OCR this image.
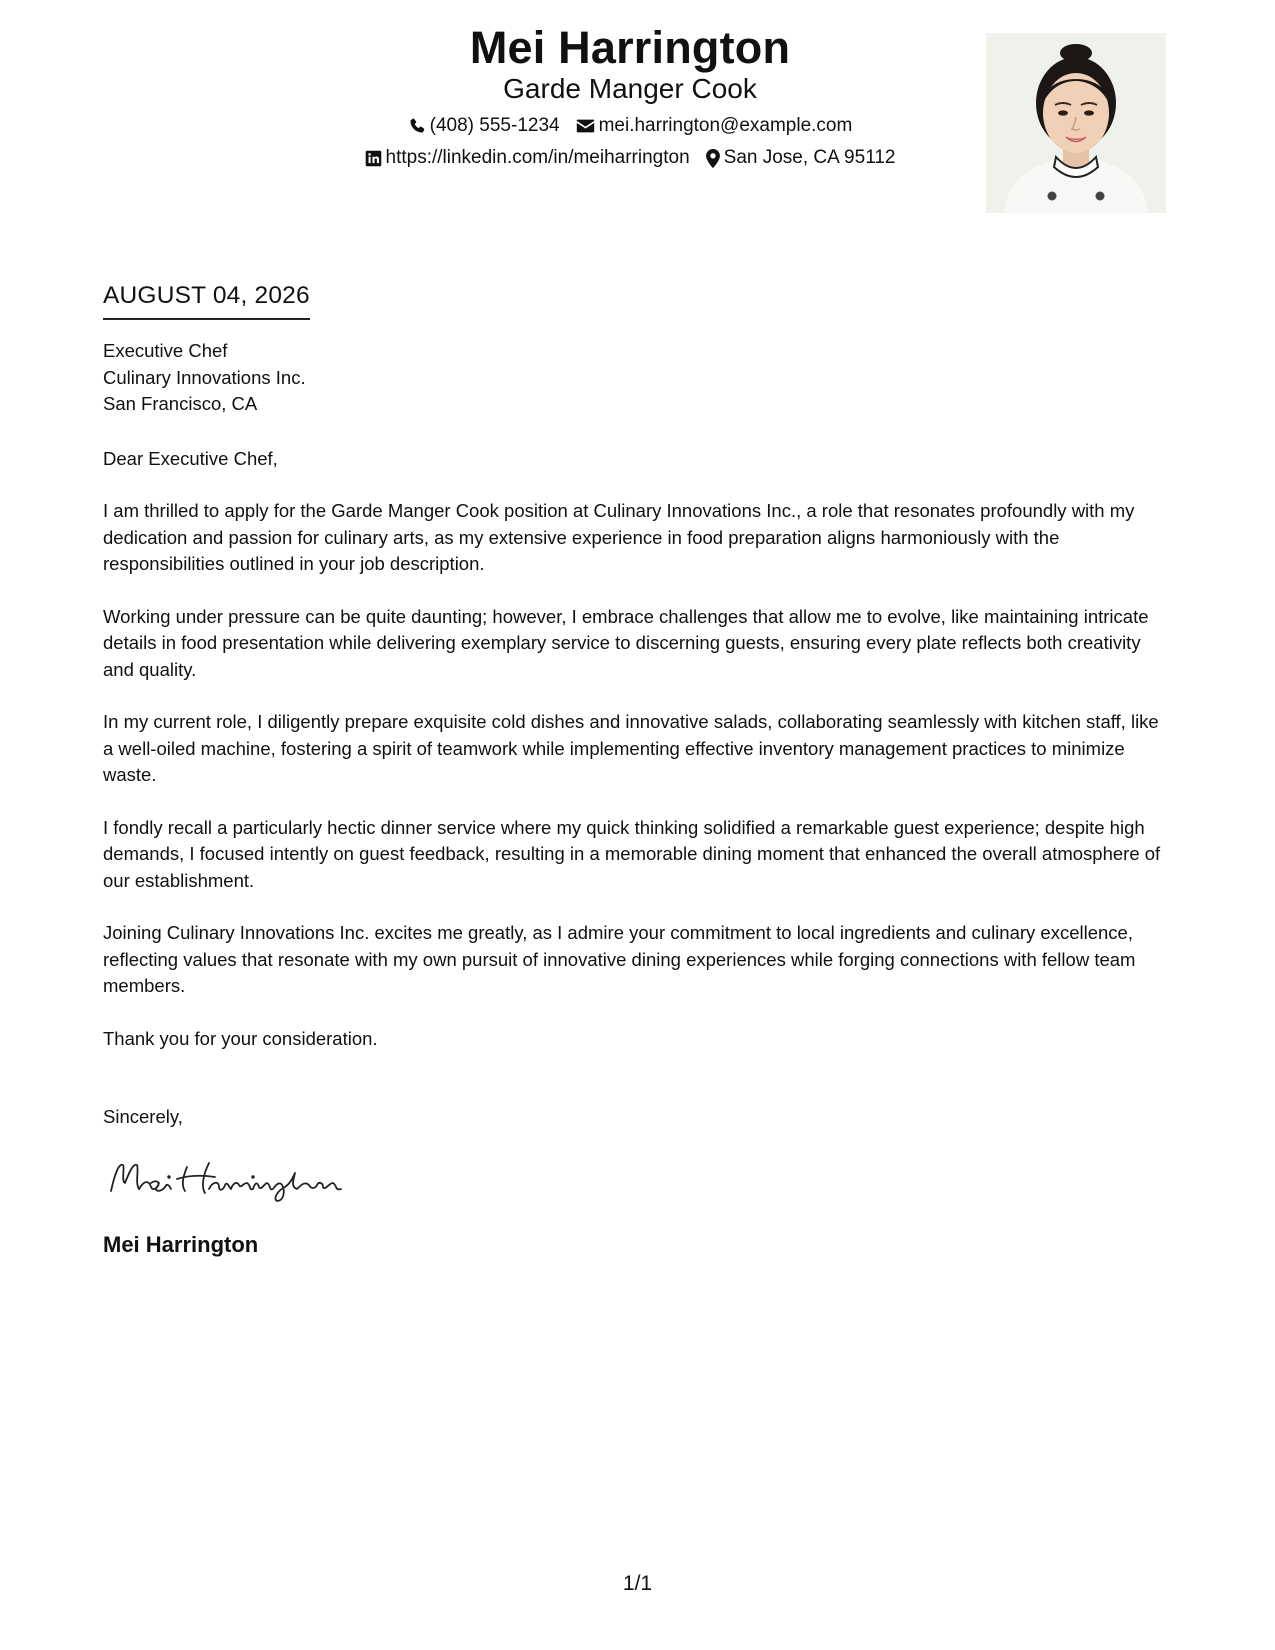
Mei Harrington
Garde Manger Cook
(408) 555-1234 mei.harrington@example.com
https://linkedin.com/in/meiharrington San Jose, CA 95112
AUGUST 04, 2026
Executive Chef
Culinary Innovations Inc.
San Francisco, CA
Dear Executive Chef,
I am thrilled to apply for the Garde Manger Cook position at Culinary Innovations Inc., a role that resonates profoundly with my dedication and passion for culinary arts, as my extensive experience in food preparation aligns harmoniously with the responsibilities outlined in your job description.
Working under pressure can be quite daunting; however, I embrace challenges that allow me to evolve, like maintaining intricate details in food presentation while delivering exemplary service to discerning guests, ensuring every plate reflects both creativity and quality.
In my current role, I diligently prepare exquisite cold dishes and innovative salads, collaborating seamlessly with kitchen staff, like a well-oiled machine, fostering a spirit of teamwork while implementing effective inventory management practices to minimize waste.
I fondly recall a particularly hectic dinner service where my quick thinking solidified a remarkable guest experience; despite high demands, I focused intently on guest feedback, resulting in a memorable dining moment that enhanced the overall atmosphere of our establishment.
Joining Culinary Innovations Inc. excites me greatly, as I admire your commitment to local ingredients and culinary excellence, reflecting values that resonate with my own pursuit of innovative dining experiences while forging connections with fellow team members.
Thank you for your consideration.
Sincerely,
Mei Harrington
1/1
